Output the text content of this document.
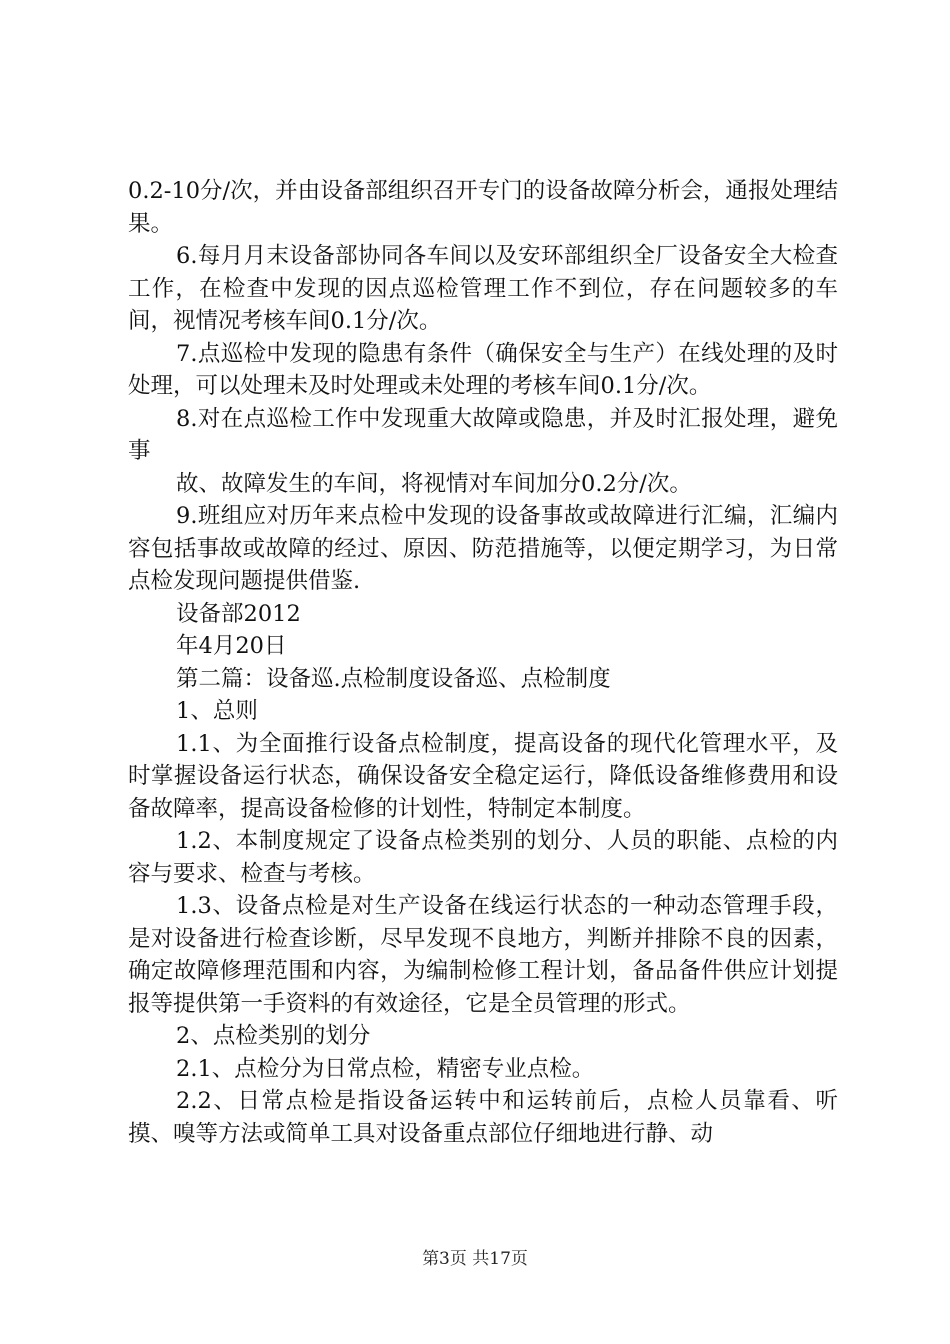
0.2-10分/次，并由设备部组织召开专门的设备故障分析会，通报处理结果。

6.每月月末设备部协同各车间以及安环部组织全厂设备安全大检查工作，在检查中发现的因点巡检管理工作不到位，存在问题较多的车间，视情况考核车间0.1分/次。

7.点巡检中发现的隐患有条件（确保安全与生产）在线处理的及时处理，可以处理未及时处理或未处理的考核车间0.1分/次。

8.对在点巡检工作中发现重大故障或隐患，并及时汇报处理，避免事

故、故障发生的车间，将视情对车间加分0.2分/次。

9.班组应对历年来点检中发现的设备事故或故障进行汇编，汇编内容包括事故或故障的经过、原因、防范措施等，以便定期学习，为日常点检发现问题提供借鉴.

设备部2012

年4月20日

第二篇：设备巡.点检制度设备巡、点检制度

1、总则

1.1、为全面推行设备点检制度，提高设备的现代化管理水平，及时掌握设备运行状态，确保设备安全稳定运行，降低设备维修费用和设备故障率，提高设备检修的计划性，特制定本制度。

1.2、本制度规定了设备点检类别的划分、人员的职能、点检的内容与要求、检查与考核。

1.3、设备点检是对生产设备在线运行状态的一种动态管理手段，是对设备进行检查诊断，尽早发现不良地方，判断并排除不良的因素，确定故障修理范围和内容，为编制检修工程计划，备品备件供应计划提报等提供第一手资料的有效途径，它是全员管理的形式。

2、点检类别的划分

2.1、点检分为日常点检，精密专业点检。

2.2、日常点检是指设备运转中和运转前后，点检人员靠看、听摸、嗅等方法或简单工具对设备重点部位仔细地进行静、动

第3页 共17页
